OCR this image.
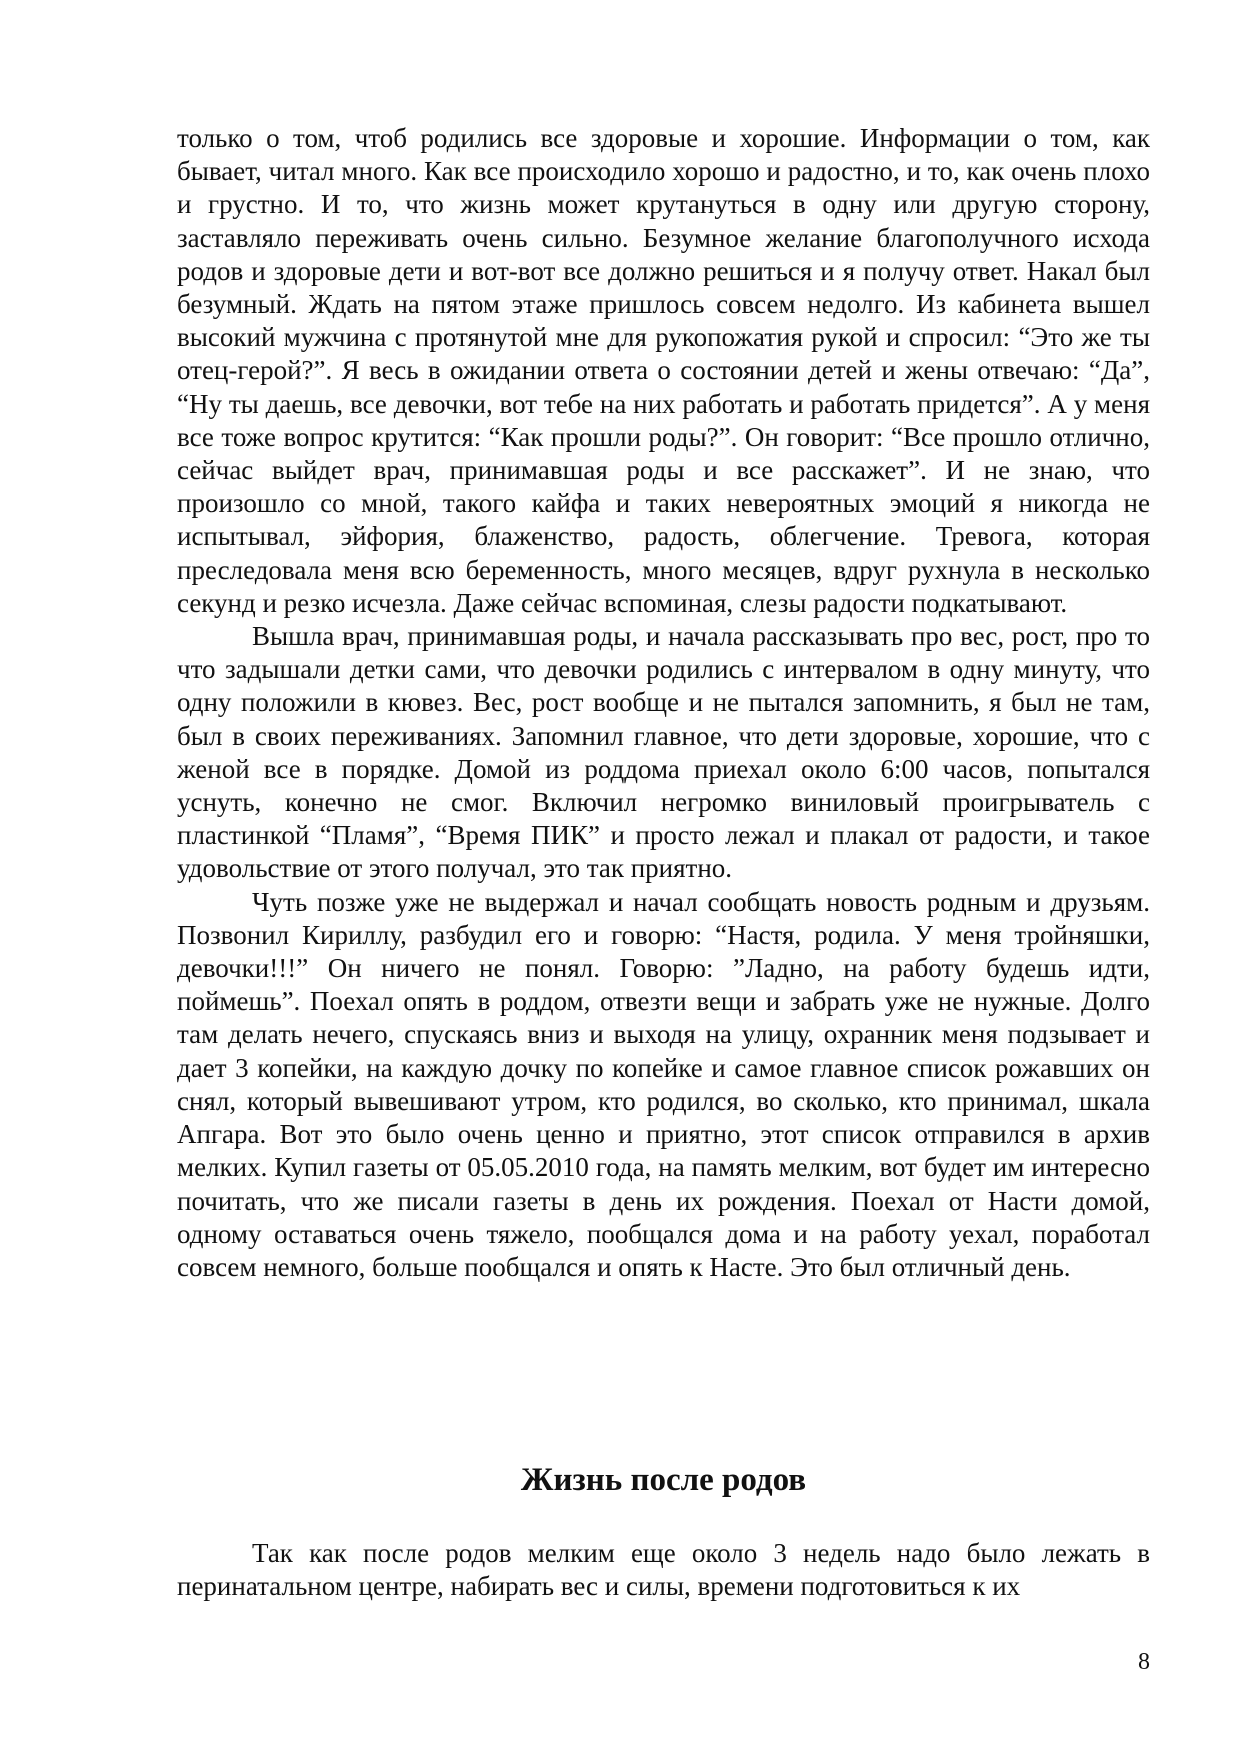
только о том, чтоб родились все здоровые и хорошие. Информации о том, как бывает, читал много. Как все происходило хорошо и радостно, и то, как очень плохо и грустно. И то, что жизнь может крутануться в одну или другую сторону, заставляло переживать очень сильно. Безумное желание благополучного исхода родов и здоровые дети и вот-вот все должно решиться и я получу ответ. Накал был безумный. Ждать на пятом этаже пришлось совсем недолго. Из кабинета вышел высокий мужчина с протянутой мне для рукопожатия рукой и спросил: “Это же ты отец-герой?”. Я весь в ожидании ответа о состоянии детей и жены отвечаю: “Да”, “Ну ты даешь, все девочки, вот тебе на них работать и работать придется”. А у меня все тоже вопрос крутится: “Как прошли роды?”. Он говорит: “Все прошло отлично, сейчас выйдет врач, принимавшая роды и все расскажет”. И не знаю, что произошло со мной, такого кайфа и таких невероятных эмоций я никогда не испытывал, эйфория, блаженство, радость, облегчение. Тревога, которая преследовала меня всю беременность, много месяцев, вдруг рухнула в несколько секунд и резко исчезла. Даже сейчас вспоминая, слезы радости подкатывают.

Вышла врач, принимавшая роды, и начала рассказывать про вес, рост, про то что задышали детки сами, что девочки родились с интервалом в одну минуту, что одну положили в кювез. Вес, рост вообще и не пытался запомнить, я был не там, был в своих переживаниях. Запомнил главное, что дети здоровые, хорошие, что с женой все в порядке. Домой из роддома приехал около 6:00 часов, попытался уснуть, конечно не смог. Включил негромко виниловый проигрыватель с пластинкой “Пламя”, “Время ПИК” и просто лежал и плакал от радости, и такое удовольствие от этого получал, это так приятно.

Чуть позже уже не выдержал и начал сообщать новость родным и друзьям. Позвонил Кириллу, разбудил его и говорю: “Настя, родила. У меня тройняшки, девочки!!!” Он ничего не понял. Говорю: ”Ладно, на работу будешь идти, поймешь”. Поехал опять в роддом, отвезти вещи и забрать уже не нужные. Долго там делать нечего, спускаясь вниз и выходя на улицу, охранник меня подзывает и дает 3 копейки, на каждую дочку по копейке и самое главное список рожавших он снял, который вывешивают утром, кто родился, во сколько, кто принимал, шкала Апгара. Вот это было очень ценно и приятно, этот список отправился в архив мелких. Купил газеты от 05.05.2010 года, на память мелким, вот будет им интересно почитать, что же писали газеты в день их рождения. Поехал от Насти домой, одному оставаться очень тяжело, пообщался дома и на работу уехал, поработал совсем немного, больше пообщался и опять к Насте. Это был отличный день.

Жизнь после родов

Так как после родов мелким еще около 3 недель надо было лежать в перинатальном центре, набирать вес и силы, времени подготовиться к их

8
